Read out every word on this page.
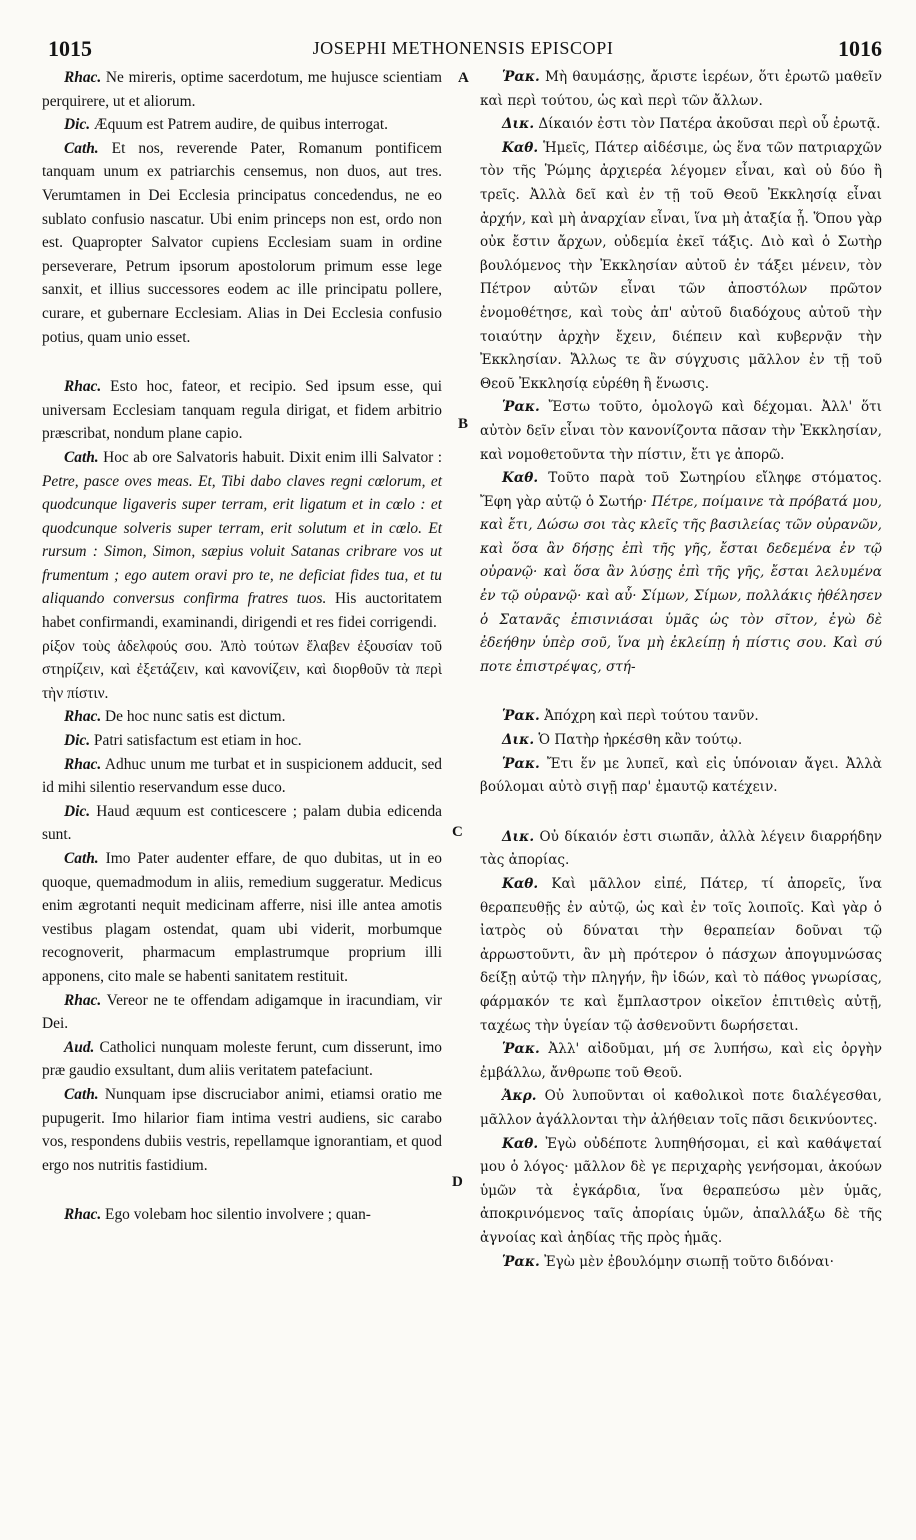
1015	JOSEPHI METHONENSIS EPISCOPI	1016
A
B
C
D

Rhac. Ne mireris, optime sacerdotum, me hujusce scientiam perquirere, ut et aliorum.

Dic. Æquum est Patrem audire, de quibus interrogat.

Cath. Et nos, reverende Pater, Romanum pontificem tanquam unum ex patriarchis censemus, non duos, aut tres. Verumtamen in Dei Ecclesia principatus concedendus, ne eo sublato confusio nascatur. Ubi enim princeps non est, ordo non est. Quapropter Salvator cupiens Ecclesiam suam in ordine perseverare, Petrum ipsorum apostolorum primum esse lege sanxit, et illius successores eodem ac ille principatu pollere, curare, et gubernare Ecclesiam. Alias in Dei Ecclesia confusio potius, quam unio esset.

Rhac. Esto hoc, fateor, et recipio. Sed ipsum esse, qui universam Ecclesiam tanquam regula dirigat, et fidem arbitrio præscribat, nondum plane capio.

Cath. Hoc ab ore Salvatoris habuit. Dixit enim illi Salvator : Petre, pasce oves meas. Et, Tibi dabo claves regni cœlorum, et quodcunque ligaveris super terram, erit ligatum et in cœlo : et quodcunque solveris super terram, erit solutum et in cœlo. Et rursum : Simon, Simon, sæpius voluit Satanas cribrare vos ut frumentum ; ego autem oravi pro te, ne deficiat fides tua, et tu aliquando conversus confirma fratres tuos. His auctoritatem habet confirmandi, examinandi, dirigendi et res fidei corrigendi.

ρίξον τοὺς ἀδελφούς σου. Ἀπὸ τούτων ἔλαβεν ἐξουσίαν τοῦ στηρίζειν, καὶ ἐξετάζειν, καὶ κανονίζειν, καὶ διορθοῦν τὰ περὶ τὴν πίστιν.

Rhac. De hoc nunc satis est dictum.

Dic. Patri satisfactum est etiam in hoc.

Rhac. Adhuc unum me turbat et in suspicionem adducit, sed id mihi silentio reservandum esse duco.

Dic. Haud æquum est conticescere ; palam dubia edicenda sunt.

Cath. Imo Pater audenter effare, de quo dubitas, ut in eo quoque, quemadmodum in aliis, remedium suggeratur. Medicus enim ægrotanti nequit medicinam afferre, nisi ille antea amotis vestibus plagam ostendat, quam ubi viderit, morbumque recognoverit, pharmacum emplastrumque proprium illi apponens, cito male se habenti sanitatem restituit.

Rhac. Vereor ne te offendam adigamque in iracundiam, vir Dei.

Aud. Catholici nunquam moleste ferunt, cum disserunt, imo præ gaudio exsultant, dum aliis veritatem patefaciunt.

Cath. Nunquam ipse discruciabor animi, etiamsi oratio me pupugerit. Imo hilarior fiam intima vestri audiens, sic carabo vos, respondens dubiis vestris, repellamque ignorantiam, et quod ergo nos nutritis fastidium.

Rhac. Ego volebam hoc silentio involvere ; quan-

Ῥακ. Μὴ θαυμάσῃς, ἄριστε ἱερέων, ὅτι ἐρωτῶ μαθεῖν καὶ περὶ τούτου, ὡς καὶ περὶ τῶν ἄλλων.

Δικ. Δίκαιόν ἐστι τὸν Πατέρα ἀκοῦσαι περὶ οὗ ἐρωτᾷ.

Καθ. Ἡμεῖς, Πάτερ αἰδέσιμε, ὡς ἕνα τῶν πατριαρχῶν τὸν τῆς Ῥώμης ἀρχιερέα λέγομεν εἶναι, καὶ οὐ δύο ἢ τρεῖς. Ἀλλὰ δεῖ καὶ ἐν τῇ τοῦ Θεοῦ Ἐκκλησίᾳ εἶναι ἀρχήν, καὶ μὴ ἀναρχίαν εἶναι, ἵνα μὴ ἀταξία ᾖ. Ὅπου γὰρ οὐκ ἔστιν ἄρχων, οὐδεμία ἐκεῖ τάξις. Διὸ καὶ ὁ Σωτὴρ βουλόμενος τὴν Ἐκκλησίαν αὐτοῦ ἐν τάξει μένειν, τὸν Πέτρον αὐτῶν εἶναι τῶν ἀποστόλων πρῶτον ἐνομοθέτησε, καὶ τοὺς ἀπ' αὐτοῦ διαδόχους αὐτοῦ τὴν τοιαύτην ἀρχὴν ἔχειν, διέπειν καὶ κυβερνᾷν τὴν Ἐκκλησίαν. Ἄλλως τε ἂν σύγχυσις μᾶλλον ἐν τῇ τοῦ Θεοῦ Ἐκκλησίᾳ εὑρέθη ἢ ἕνωσις.

Ῥακ. Ἔστω τοῦτο, ὁμολογῶ καὶ δέχομαι. Ἀλλ' ὅτι αὐτὸν δεῖν εἶναι τὸν κανονίζοντα πᾶσαν τὴν Ἐκκλησίαν, καὶ νομοθετοῦντα τὴν πίστιν, ἔτι γε ἀπορῶ.

Καθ. Τοῦτο παρὰ τοῦ Σωτηρίου εἴληφε στόματος. Ἔφη γὰρ αὐτῷ ὁ Σωτήρ· Πέτρε, ποίμαινε τὰ πρόβατά μου, καὶ ἔτι, Δώσω σοι τὰς κλεῖς τῆς βασιλείας τῶν οὐρανῶν, καὶ ὅσα ἂν δήσῃς ἐπὶ τῆς γῆς, ἔσται δεδεμένα ἐν τῷ οὐρανῷ· καὶ ὅσα ἂν λύσῃς ἐπὶ τῆς γῆς, ἔσται λελυμένα ἐν τῷ οὐρανῷ· καὶ αὖ· Σίμων, Σίμων, πολλάκις ἠθέλησεν ὁ Σατανᾶς ἐπισινιάσαι ὑμᾶς ὡς τὸν σῖτον, ἐγὼ δὲ ἐδεήθην ὑπὲρ σοῦ, ἵνα μὴ ἐκλείπῃ ἡ πίστις σου. Καὶ σύ ποτε ἐπιστρέψας, στή-

Ῥακ. Ἀπόχρη καὶ περὶ τούτου τανῦν.

Δικ. Ὁ Πατὴρ ἠρκέσθη κἂν τούτῳ.

Ῥακ. Ἔτι ἕν με λυπεῖ, καὶ εἰς ὑπόνοιαν ἄγει. Ἀλλὰ βούλομαι αὐτὸ σιγῇ παρ' ἐμαυτῷ κατέχειν.

Δικ. Οὐ δίκαιόν ἐστι σιωπᾶν, ἀλλὰ λέγειν διαρρήδην τὰς ἀπορίας.

Καθ. Καὶ μᾶλλον εἰπέ, Πάτερ, τί ἀπορεῖς, ἵνα θεραπευθῇς ἐν αὐτῷ, ὡς καὶ ἐν τοῖς λοιποῖς. Καὶ γὰρ ὁ ἰατρὸς οὐ δύναται τὴν θεραπείαν δοῦναι τῷ ἀρρωστοῦντι, ἂν μὴ πρότερον ὁ πάσχων ἀπογυμνώσας δείξῃ αὐτῷ τὴν πληγήν, ἣν ἰδών, καὶ τὸ πάθος γνωρίσας, φάρμακόν τε καὶ ἔμπλαστρον οἰκεῖον ἐπιτιθεὶς αὐτῇ, ταχέως τὴν ὑγείαν τῷ ἀσθενοῦντι δωρήσεται.

Ῥακ. Ἀλλ' αἰδοῦμαι, μή σε λυπήσω, καὶ εἰς ὀργὴν ἐμβάλλω, ἄνθρωπε τοῦ Θεοῦ.

Ἀκρ. Οὐ λυποῦνται οἱ καθολικοὶ ποτε διαλέγεσθαι, μᾶλλον ἀγάλλονται τὴν ἀλήθειαν τοῖς πᾶσι δεικνύοντες.

Καθ. Ἐγὼ οὐδέποτε λυπηθήσομαι, εἰ καὶ καθάψεταί μου ὁ λόγος· μᾶλλον δὲ γε περιχαρὴς γενήσομαι, ἀκούων ὑμῶν τὰ ἐγκάρδια, ἵνα θεραπεύσω μὲν ὑμᾶς, ἀποκρινόμενος ταῖς ἀπορίαις ὑμῶν, ἀπαλλάξω δὲ τῆς ἀγνοίας καὶ ἀηδίας τῆς πρὸς ἡμᾶς.

Ῥακ. Ἐγὼ μὲν ἐβουλόμην σιωπῇ τοῦτο διδόναι·
